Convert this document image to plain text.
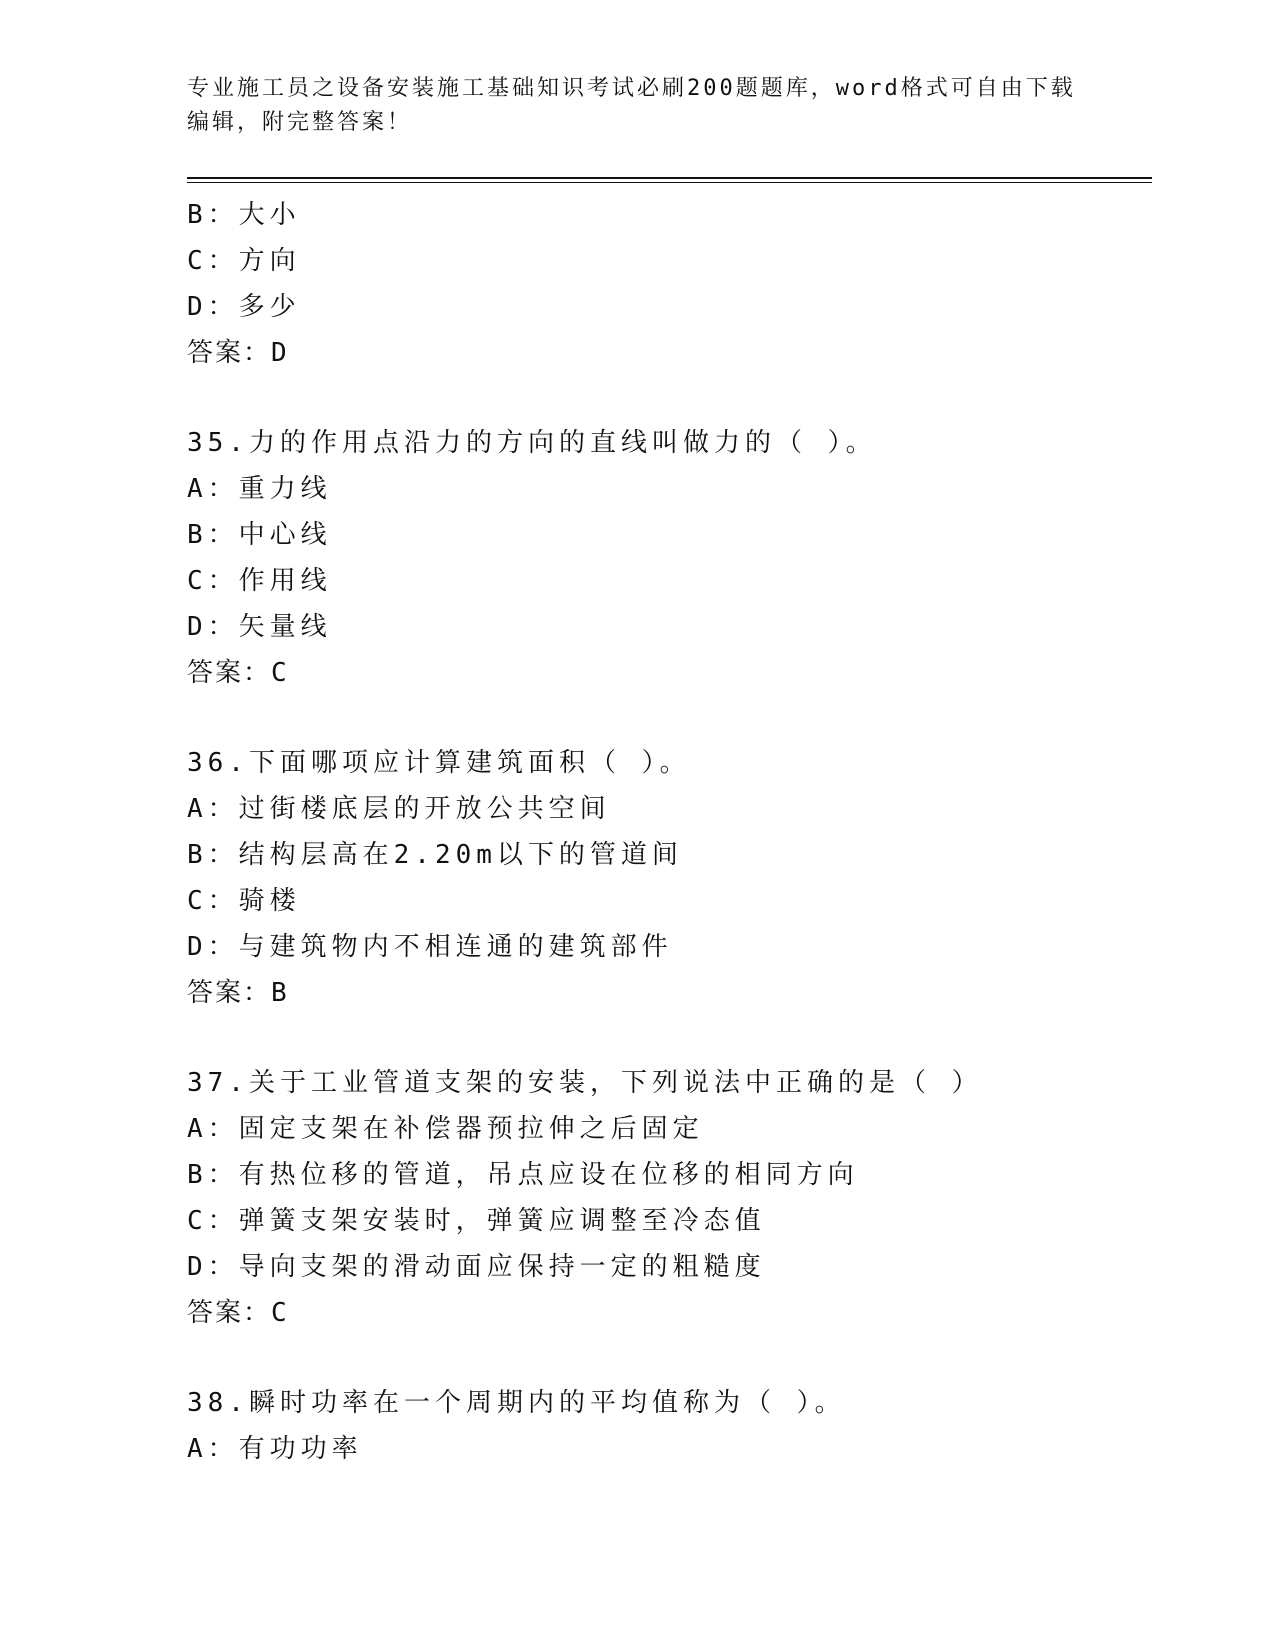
专业施工员之设备安装施工基础知识考试必刷200题题库，word格式可自由下载
编辑，附完整答案！
B：大小
C：方向
D：多少
答案：D
35.力的作用点沿力的方向的直线叫做力的（ ）。
A：重力线
B：中心线
C：作用线
D：矢量线
答案：C
36.下面哪项应计算建筑面积（ ）。
A：过街楼底层的开放公共空间
B：结构层高在2.20m以下的管道间
C：骑楼
D：与建筑物内不相连通的建筑部件
答案：B
37.关于工业管道支架的安装，下列说法中正确的是（ ）
A：固定支架在补偿器预拉伸之后固定
B：有热位移的管道，吊点应设在位移的相同方向
C：弹簧支架安装时，弹簧应调整至冷态值
D：导向支架的滑动面应保持一定的粗糙度
答案：C
38.瞬时功率在一个周期内的平均值称为（ ）。
A：有功功率
